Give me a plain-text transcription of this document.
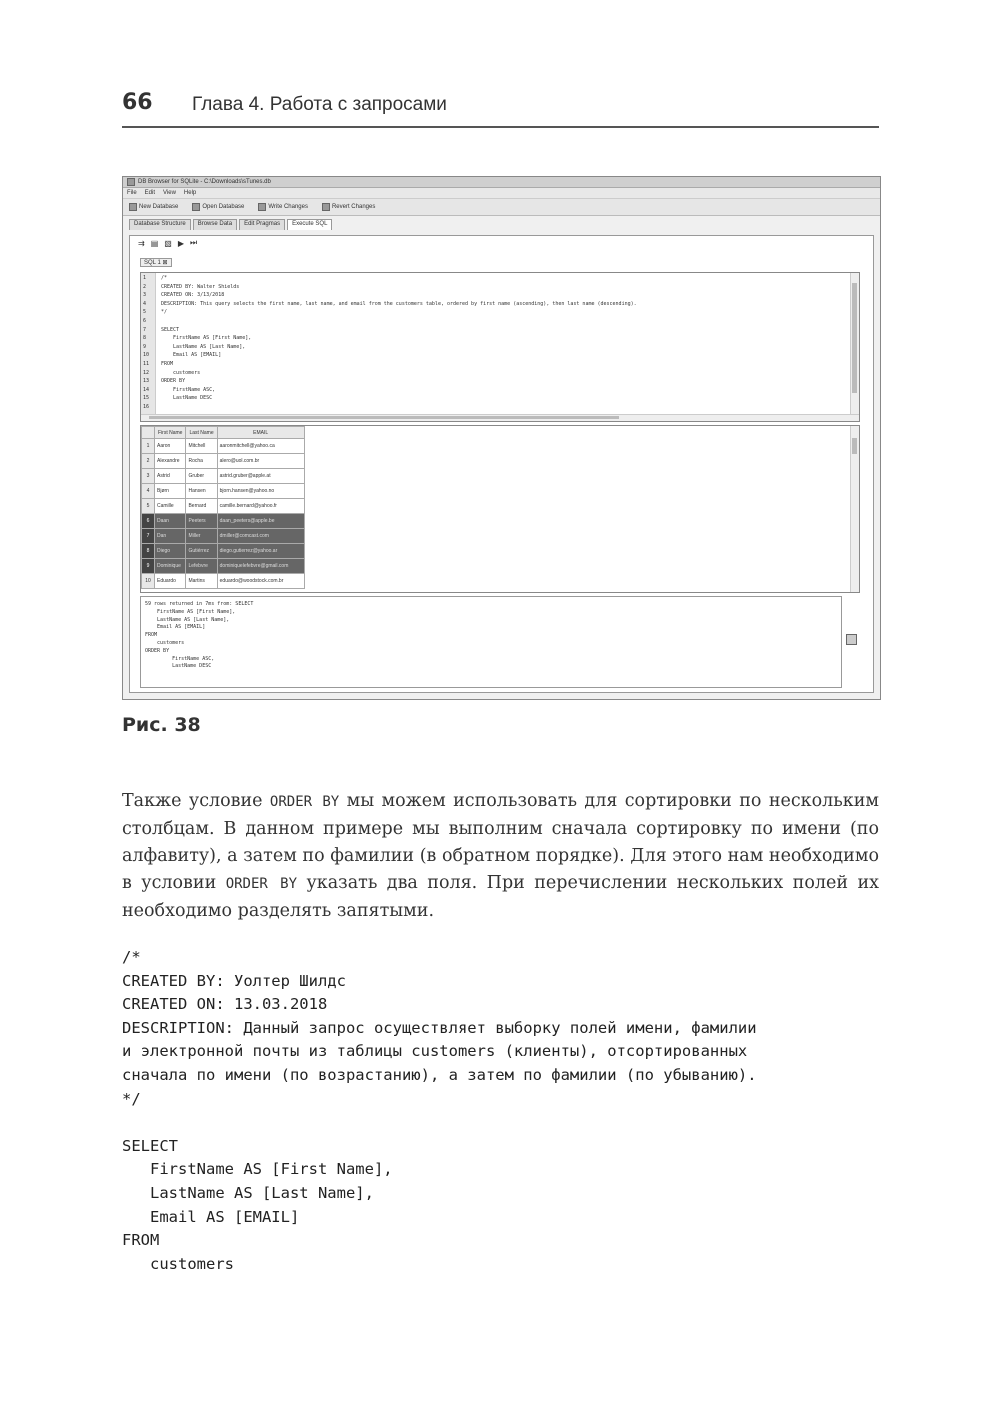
66 Глава 4. Работа с запросами
DB Browser for SQLite - C:\Downloads\sTunes.db
File Edit View Help
New Database	Open Database	Write Changes	Revert Changes
Database Structure	Browse Data	Edit Pragmas	Execute SQL
⇉ ▤ ▧ ▶ ⏭
SQL 1 ⊠
1	/*
2	CREATED BY: Walter Shields
3	CREATED ON: 3/13/2018
4	DESCRIPTION: This query selects the first name, last name, and email from the customers table, ordered by first name (ascending), then last name (descending).
5	*/
6
7	SELECT
8	FirstName AS [First Name],
9	LastName AS [Last Name],
10    Email AS [EMAIL]
11 FROM
12    customers
13 ORDER BY
14    FirstName ASC,
15    LastName DESC
16
	First Name	Last Name	EMAIL
1	Aaron	Mitchell	aaronmitchell@yahoo.ca
2	Alexandre	Rocha	alero@uol.com.br
3	Astrid	Gruber	astrid.gruber@apple.at
4	Bjørn	Hansen	bjorn.hansen@yahoo.no
5	Camille	Bernard	camille.bernard@yahoo.fr
6	Daan	Peeters	daan_peeters@apple.be
7	Dan	Miller	dmiller@comcast.com
8	Diego	Gutiérrez	diego.gutierrez@yahoo.ar
9	Dominique	Lefebvre	dominiquelefebvre@gmail.com
10	Eduardo	Martins	eduardo@woodstock.com.br
59 rows returned in 7ms from: SELECT
FirstName AS [First Name],
LastName AS [Last Name],
Email AS [EMAIL]
FROM
customers
ORDER BY
FirstName ASC,
LastName DESC
Рис. 38

Также условие ORDER BY мы можем использовать для сортировки по нескольким столбцам. В данном примере мы выполним сначала сортировку по имени (по алфавиту), а затем по фамилии (в обратном порядке). Для этого нам необходимо в условии ORDER BY указать два поля. При перечислении нескольких полей их необходимо разделять запятыми.

/*
CREATED BY: Уолтер Шилдс
CREATED ON: 13.03.2018
DESCRIPTION: Данный запрос осуществляет выборку полей имени, фамилии
и электронной почты из таблицы customers (клиенты), отсортированных
сначала по имени (по возрастанию), а затем по фамилии (по убыванию).
*/
SELECT
FirstName AS [First Name],
LastName AS [Last Name],
Email AS [EMAIL]
FROM
customers
